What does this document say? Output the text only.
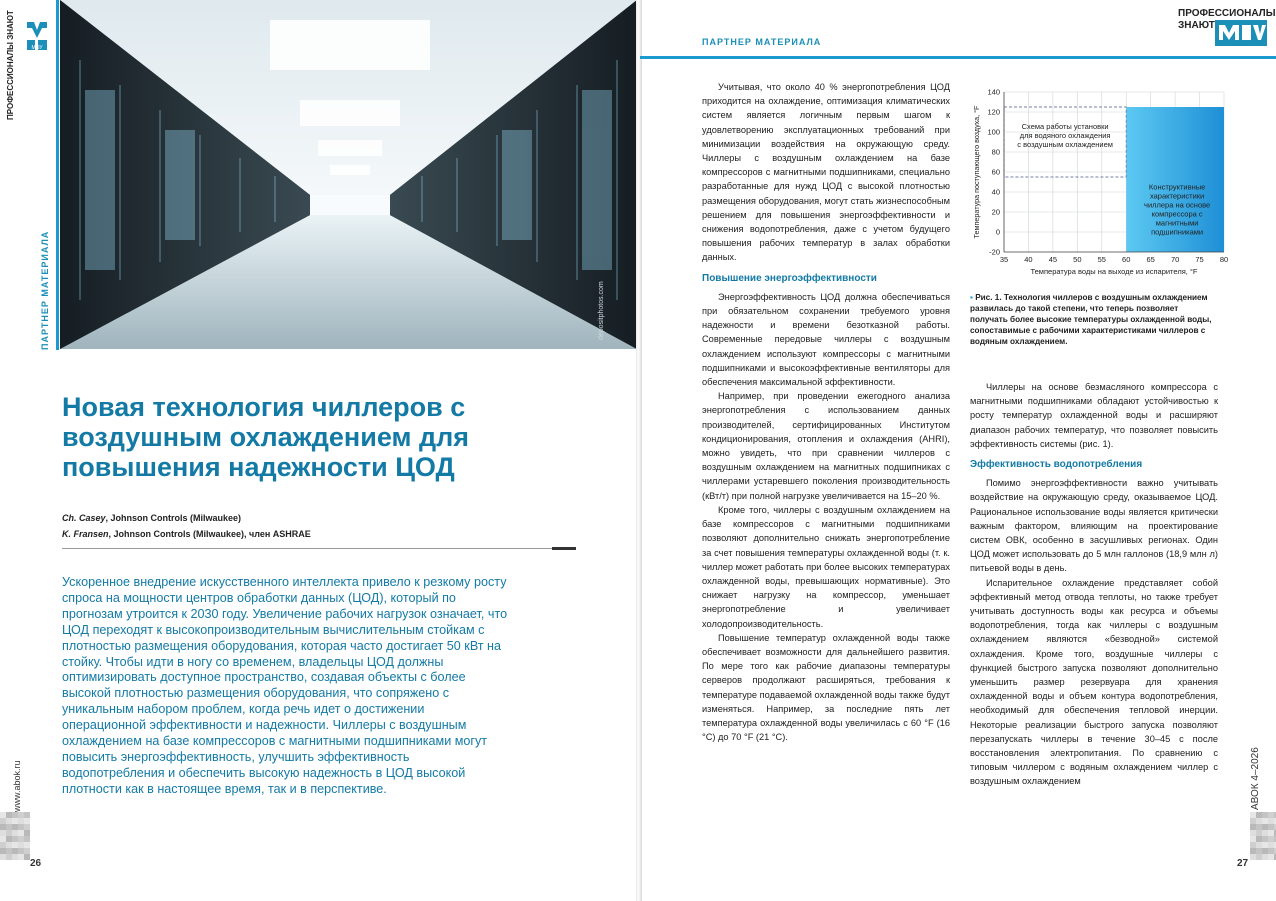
ПРОФЕССИОНАЛЫ ЗНАЮТ	МОУ
ПАРТНЕР МАТЕРИАЛА
www.abok.ru
26
depositphotos.com
Новая технология чиллеров с воздушным охлаждением для повышения надежности ЦОД
Ch. Casey, Johnson Controls (Milwaukee)
K. Fransen, Johnson Controls (Milwaukee), член ASHRAE

Ускоренное внедрение искусственного интеллекта привело к резкому росту спроса на мощности центров обработки данных (ЦОД), который по прогнозам утроится к 2030 году. Увеличение рабочих нагрузок означает, что ЦОД переходят к высокопроизводительным вычислительным стойкам с плотностью размещения оборудования, которая часто достигает 50 кВт на стойку. Чтобы идти в ногу со временем, владельцы ЦОД должны оптимизировать доступное пространство, создавая объекты с более высокой плотностью размещения оборудования, что сопряжено с уникальным набором проблем, когда речь идет о достижении операционной эффективности и надежности. Чиллеры с воздушным охлаждением на базе компрессоров с магнитными подшипниками могут повысить энергоэффективность, улучшить эффективность водопотребления и обеспечить высокую надежность в ЦОД высокой плотности как в настоящее время, так и в перспективе.

ПАРТНЕР МАТЕРИАЛА
ПРОФЕССИОНАЛЫ
ЗНАЮТ
МОУ

Учитывая, что около 40 % энергопотребления ЦОД приходится на охлаждение, оптимизация климатических систем является логичным первым шагом к удовлетворению эксплуатационных требований при минимизации воздействия на окружающую среду. Чиллеры с воздушным охлаждением на базе компрессоров с магнитными подшипниками, специально разработанные для нужд ЦОД с высокой плотностью размещения оборудования, могут стать жизнеспособным решением для повышения энергоэффективности и снижения водопотребления, даже с учетом будущего повышения рабочих температур в залах обработки данных.

Повышение энергоэффективности

Энергоэффективность ЦОД должна обеспечиваться при обязательном сохранении требуемого уровня надежности и времени безотказной работы. Современные передовые чиллеры с воздушным охлаждением используют компрессоры с магнитными подшипниками и высокоэффективные вентиляторы для обеспечения максимальной эффективности.

Например, при проведении ежегодного анализа энергопотребления с использованием данных производителей, сертифицированных Институтом кондиционирования, отопления и охлаждения (AHRI), можно увидеть, что при сравнении чиллеров с воздушным охлаждением на магнитных подшипниках с чиллерами устаревшего поколения производительность (кВт/т) при полной нагрузке увеличивается на 15–20 %.

Кроме того, чиллеры с воздушным охлаждением на базе компрессоров с магнитными подшипниками позволяют дополнительно снижать энергопотребление за счет повышения температуры охлажденной воды (т. к. чиллер может работать при более высоких температурах охлажденной воды, превышающих нормативные). Это снижает нагрузку на компрессор, уменьшает энергопотребление и увеличивает холодопроизводительность.

Повышение температур охлажденной воды также обеспечивает возможности для дальнейшего развития. По мере того как рабочие диапазоны температуры серверов продолжают расширяться, требования к температуре подаваемой охлажденной воды также будут изменяться. Например, за последние пять лет температура охлажденной воды увеличилась с 60 °F (16 °C) до 70 °F (21 °C).

35 40 45 50 55 60 65 70 75 80
-20
0
20
40
60
80
100
120
140
Температура воды на выходе из испарителя, °F
Температура поступающего воздуха, °F	Схема работы установки для водяного охлаждения с воздушным охлаждением
Конструктивные характеристики чиллера на основе компрессора с магнитными подшипниками
▪ Рис. 1. Технология чиллеров с воздушным охлаждением развилась до такой степени, что теперь позволяет получать более высокие температуры охлажденной воды, сопоставимые с рабочими характеристиками чиллеров с водяным охлаждением.

Чиллеры на основе безмасляного компрессора с магнитными подшипниками обладают устойчивостью к росту температур охлажденной воды и расширяют диапазон рабочих температур, что позволяет повысить эффективность системы (рис. 1).

Эффективность водопотребления

Помимо энергоэффективности важно учитывать воздействие на окружающую среду, оказываемое ЦОД. Рациональное использование воды является критически важным фактором, влияющим на проектирование систем ОВК, особенно в засушливых регионах. Один ЦОД может использовать до 5 млн галлонов (18,9 млн л) питьевой воды в день.

Испарительное охлаждение представляет собой эффективный метод отвода теплоты, но также требует учитывать доступность воды как ресурса и объемы водопотребления, тогда как чиллеры с воздушным охлаждением являются «безводной» системой охлаждения. Кроме того, воздушные чиллеры с функцией быстрого запуска позволяют дополнительно уменьшить размер резервуара для хранения охлажденной воды и объем контура водопотребления, необходимый для обеспечения тепловой инерции. Некоторые реализации быстрого запуска позволяют перезапускать чиллеры в течение 30–45 с после восстановления электропитания. По сравнению с типовым чиллером с водяным охлаждением чиллер с воздушным охлаждением	АВОК 4–2026
27
